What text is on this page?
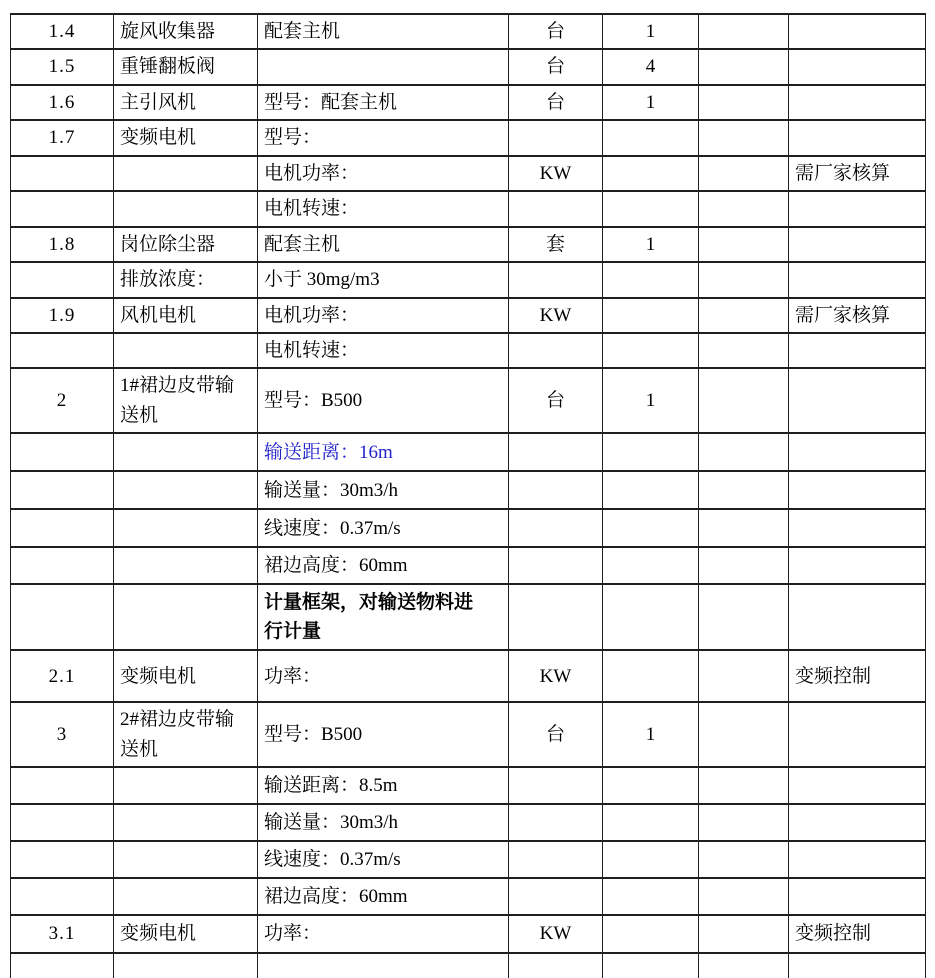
1.4	旋风收集器	配套主机	台	1		
1.5	重锤翻板阀		台	4		
1.6	主引风机	型号：配套主机	台	1		
1.7	变频电机	型号：				
		电机功率：	KW			需厂家核算
		电机转速：				
1.8	岗位除尘器	配套主机	套	1		
	排放浓度：	小于 30mg/m3				
1.9	风机电机	电机功率：	KW			需厂家核算
		电机转速：				
2	1#裙边皮带输送机	型号：B500	台	1		
		输送距离：16m				
		输送量：30m3/h				
		线速度：0.37m/s				
		裙边高度：60mm				

		计量框架，对输送物料进行计量				

2.1	变频电机	功率：	KW			变频控制
3	2#裙边皮带输送机	型号：B500	台	1		
		输送距离：8.5m				
		输送量：30m3/h				
		线速度：0.37m/s				
		裙边高度：60mm				
3.1	变频电机	功率：	KW			变频控制
